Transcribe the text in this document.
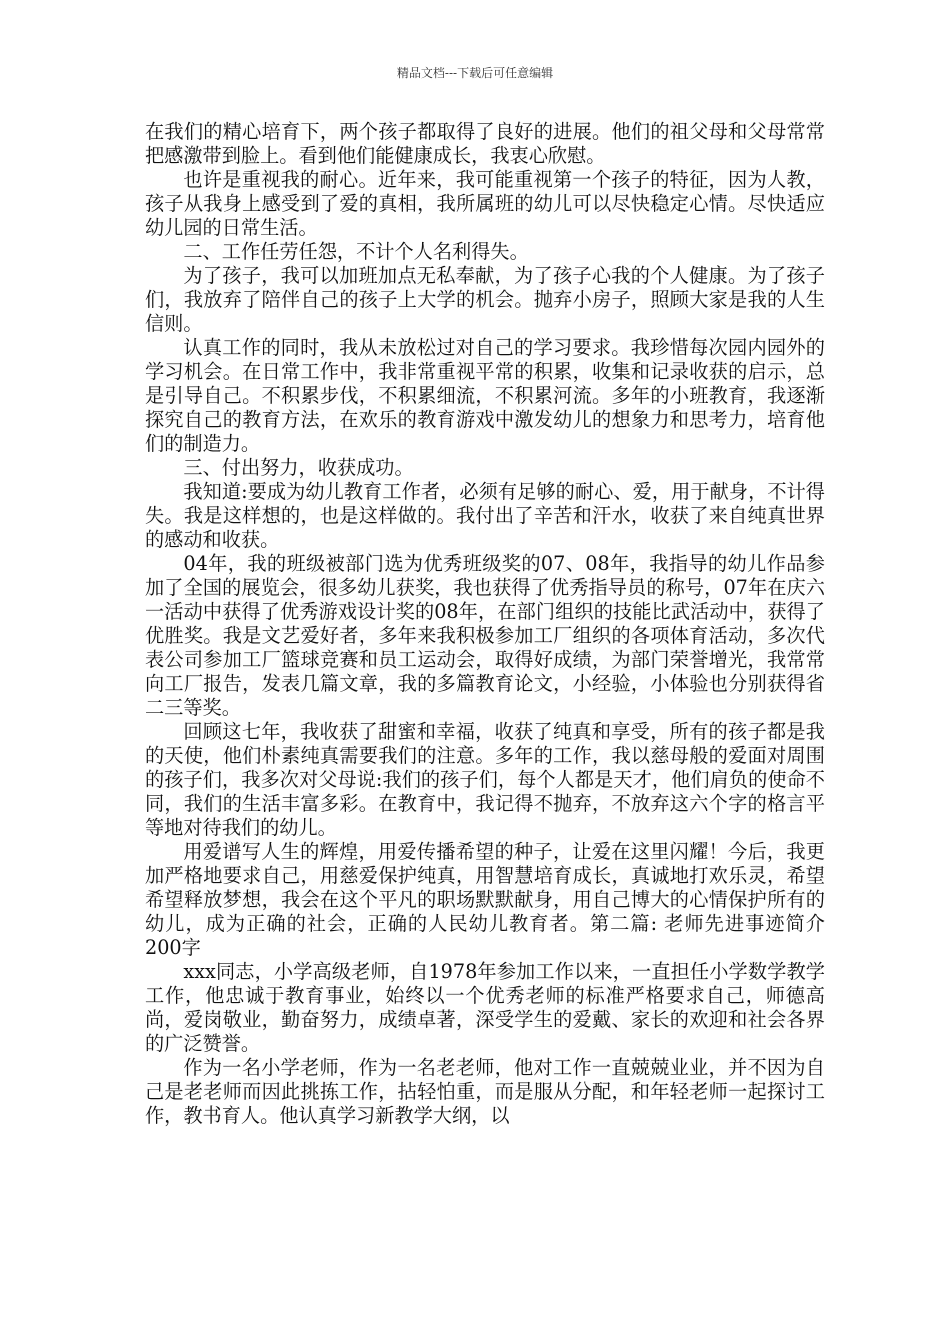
精品文档---下载后可任意编辑

在我们的精心培育下，两个孩子都取得了良好的进展。他们的祖父母和父母常常把感激带到脸上。看到他们能健康成长，我衷心欣慰。

也许是重视我的耐心。近年来，我可能重视第一个孩子的特征，因为人教，孩子从我身上感受到了爱的真相，我所属班的幼儿可以尽快稳定心情。尽快适应幼儿园的日常生活。

二、工作任劳任怨，不计个人名利得失。

为了孩子，我可以加班加点无私奉献，为了孩子心我的个人健康。为了孩子们，我放弃了陪伴自己的孩子上大学的机会。抛弃小房子，照顾大家是我的人生信则。

认真工作的同时，我从未放松过对自己的学习要求。我珍惜每次园内园外的学习机会。在日常工作中，我非常重视平常的积累，收集和记录收获的启示，总是引导自己。不积累步伐，不积累细流，不积累河流。多年的小班教育，我逐渐探究自己的教育方法，在欢乐的教育游戏中激发幼儿的想象力和思考力，培育他们的制造力。

三、付出努力，收获成功。

我知道:要成为幼儿教育工作者，必须有足够的耐心、爱，用于献身，不计得失。我是这样想的，也是这样做的。我付出了辛苦和汗水，收获了来自纯真世界的感动和收获。

04年，我的班级被部门选为优秀班级奖的07、08年，我指导的幼儿作品参加了全国的展览会，很多幼儿获奖，我也获得了优秀指导员的称号，07年在庆六一活动中获得了优秀游戏设计奖的08年，在部门组织的技能比武活动中，获得了优胜奖。我是文艺爱好者，多年来我积极参加工厂组织的各项体育活动，多次代表公司参加工厂篮球竞赛和员工运动会，取得好成绩，为部门荣誉增光，我常常向工厂报告，发表几篇文章，我的多篇教育论文，小经验，小体验也分别获得省二三等奖。

回顾这七年，我收获了甜蜜和幸福，收获了纯真和享受，所有的孩子都是我的天使，他们朴素纯真需要我们的注意。多年的工作，我以慈母般的爱面对周围的孩子们，我多次对父母说:我们的孩子们，每个人都是天才，他们肩负的使命不同，我们的生活丰富多彩。在教育中，我记得不抛弃，不放弃这六个字的格言平等地对待我们的幼儿。

用爱谱写人生的辉煌，用爱传播希望的种子，让爱在这里闪耀！今后，我更加严格地要求自己，用慈爱保护纯真，用智慧培育成长，真诚地打欢乐灵，希望希望释放梦想，我会在这个平凡的职场默默献身，用自己博大的心情保护所有的幼儿，成为正确的社会，正确的人民幼儿教育者。第二篇: 老师先进事迹简介200字

xxx同志，小学高级老师，自1978年参加工作以来，一直担任小学数学教学工作，他忠诚于教育事业，始终以一个优秀老师的标准严格要求自己，师德高尚，爱岗敬业，勤奋努力，成绩卓著，深受学生的爱戴、家长的欢迎和社会各界的广泛赞誉。

作为一名小学老师，作为一名老老师，他对工作一直兢兢业业，并不因为自己是老老师而因此挑拣工作，拈轻怕重，而是服从分配，和年轻老师一起探讨工作，教书育人。他认真学习新教学大纲，以
